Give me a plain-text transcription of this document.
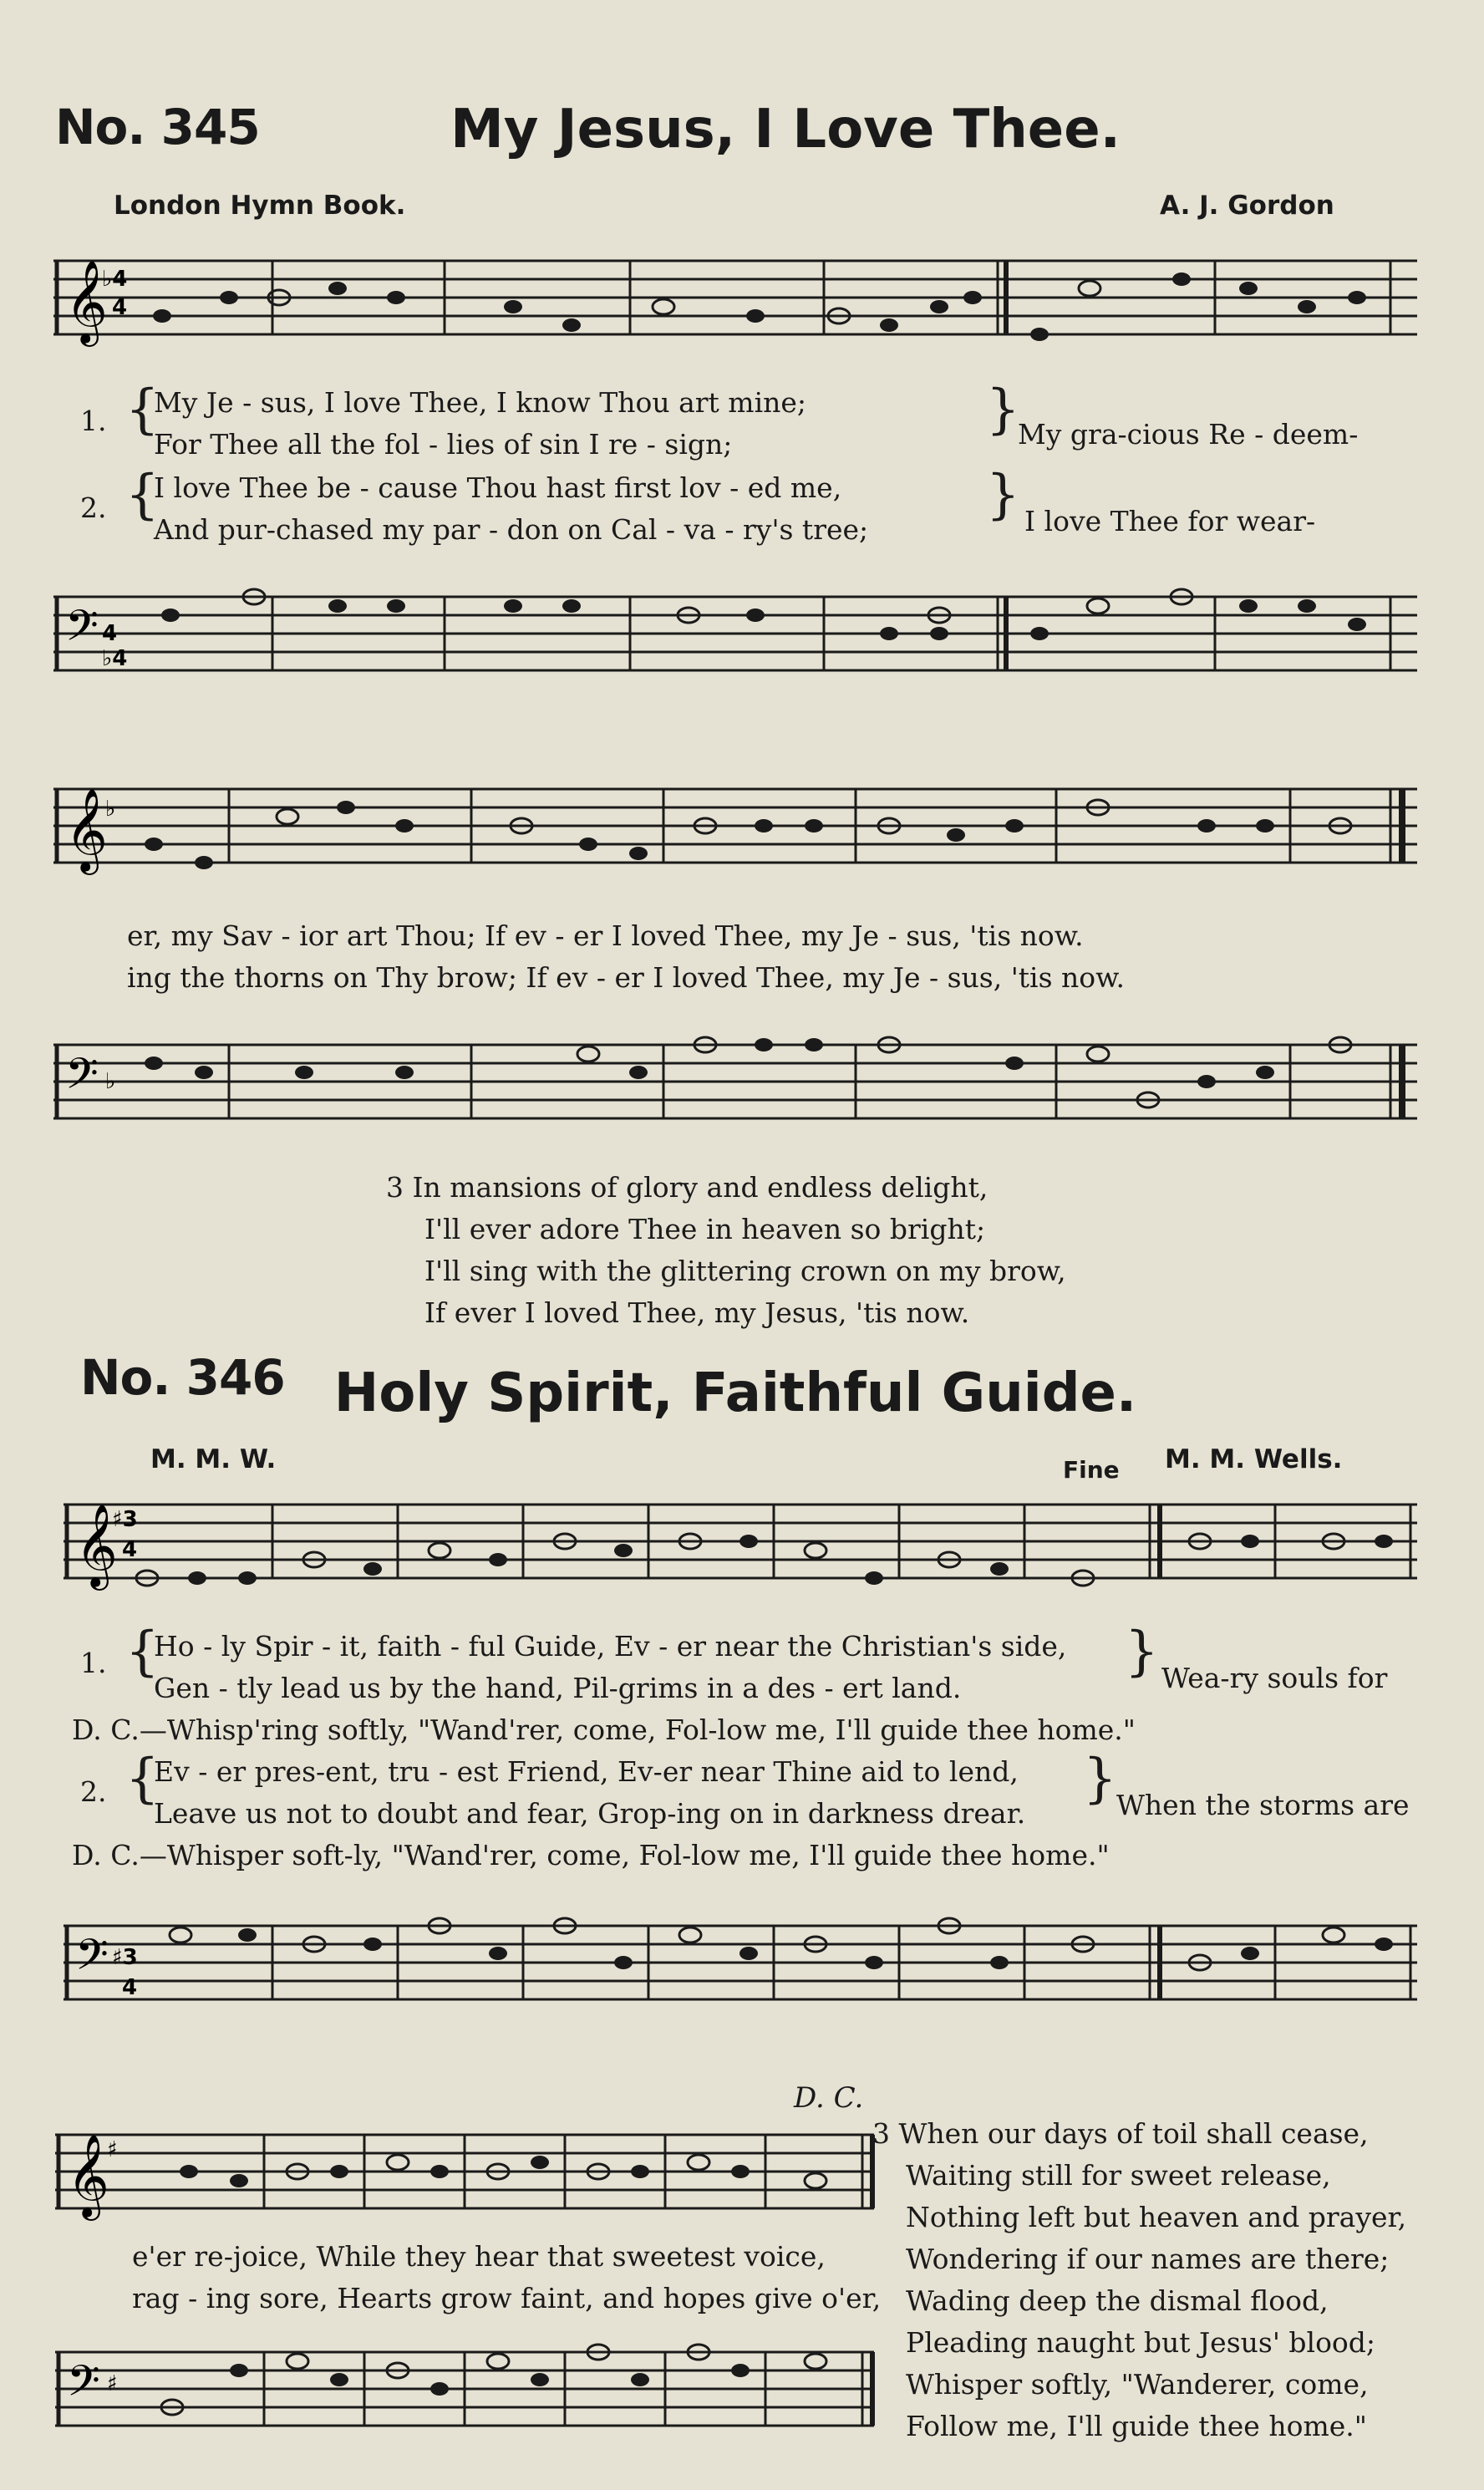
No. 345	My Jesus, I Love Thee.
London Hymn Book.	A. J. Gordon
𝄞
♭4
4
1. {
My Je - sus, I love Thee, I know Thou art mine;
For Thee all the fol - lies of sin I re - sign;
}
My gra-cious Re - deem-
2. {
I love Thee be - cause Thou hast first lov - ed me,
And pur-chased my par - don on Cal - va - ry's tree;
} I love Thee for wear-
𝄢 4
♭4
𝄞
♭
er, my Sav - ior art Thou; If ev - er I loved Thee, my Je - sus, 'tis now.
ing the thorns on Thy brow; If ev - er I loved Thee, my Je - sus, 'tis now.
𝄢 ♭
3 In mansions of glory and endless delight,
I'll ever adore Thee in heaven so bright;
I'll sing with the glittering crown on my brow,
If ever I loved Thee, my Jesus, 'tis now.
No. 346 Holy Spirit, Faithful Guide.
M. M. W.	Fine M. M. Wells.
𝄞
♯3
4
1. {
Ho - ly Spir - it, faith - ful Guide, Ev - er near the Christian's side,
Gen - tly lead us by the hand, Pil-grims in a des - ert land.
} Wea-ry souls for
D. C.—Whisp'ring softly, "Wand'rer, come, Fol-low me, I'll guide thee home."
2. {
Ev - er pres-ent, tru - est Friend, Ev-er near Thine aid to lend,
Leave us not to doubt and fear, Grop-ing on in darkness drear.
} When the storms are
D. C.—Whisper soft-ly, "Wand'rer, come, Fol-low me, I'll guide thee home."
𝄢 ♯3
4
D. C.
𝄞
♯
e'er re-joice, While they hear that sweetest voice,
rag - ing sore, Hearts grow faint, and hopes give o'er,
𝄢 ♯
3 When our days of toil shall cease,
Waiting still for sweet release,
Nothing left but heaven and prayer,
Wondering if our names are there;
Wading deep the dismal flood,
Pleading naught but Jesus' blood;
Whisper softly, "Wanderer, come,
Follow me, I'll guide thee home."
